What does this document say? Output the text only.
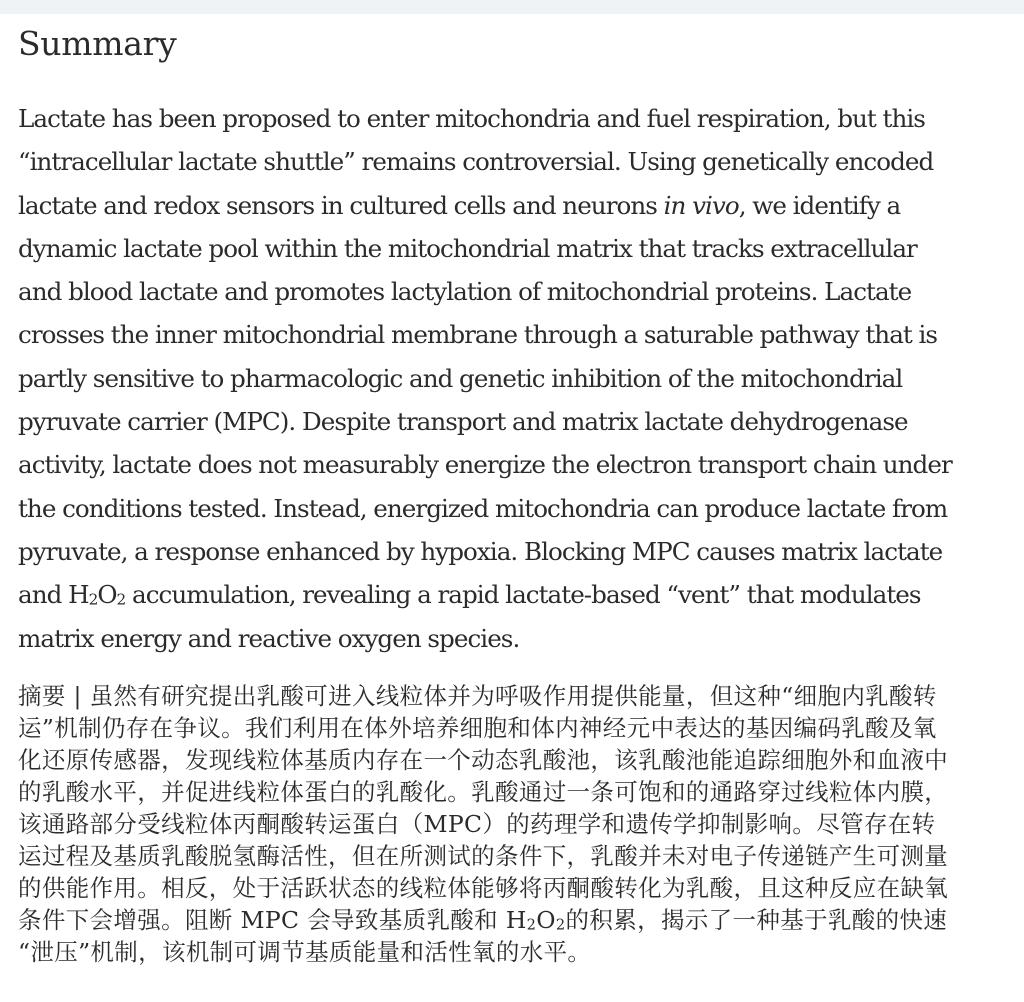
Summary

Lactate has been proposed to enter mitochondria and fuel respiration, but this
“intracellular lactate shuttle” remains controversial. Using genetically encoded
lactate and redox sensors in cultured cells and neurons in vivo, we identify a
dynamic lactate pool within the mitochondrial matrix that tracks extracellular
and blood lactate and promotes lactylation of mitochondrial proteins. Lactate
crosses the inner mitochondrial membrane through a saturable pathway that is
partly sensitive to pharmacologic and genetic inhibition of the mitochondrial
pyruvate carrier (MPC). Despite transport and matrix lactate dehydrogenase
activity, lactate does not measurably energize the electron transport chain under
the conditions tested. Instead, energized mitochondria can produce lactate from
pyruvate, a response enhanced by hypoxia. Blocking MPC causes matrix lactate
and $H_2O_2$ accumulation, revealing a rapid lactate-based “vent” that modulates
matrix energy and reactive oxygen species.

摘要 | 虽然有研究提出乳酸可进入线粒体并为呼吸作用提供能量，但这种“细胞内乳酸转
运”机制仍存在争议。我们利用在体外培养细胞和体内神经元中表达的基因编码乳酸及氧
化还原传感器，发现线粒体基质内存在一个动态乳酸池，该乳酸池能追踪细胞外和血液中
的乳酸水平，并促进线粒体蛋白的乳酸化。乳酸通过一条可饱和的通路穿过线粒体内膜，
该通路部分受线粒体丙酮酸转运蛋白（MPC）的药理学和遗传学抑制影响。尽管存在转
运过程及基质乳酸脱氢酶活性，但在所测试的条件下，乳酸并未对电子传递链产生可测量
的供能作用。相反，处于活跃状态的线粒体能够将丙酮酸转化为乳酸，且这种反应在缺氧
条件下会增强。阻断 MPC 会导致基质乳酸和 $H_2O_2$的积累，揭示了一种基于乳酸的快速
“泄压”机制，该机制可调节基质能量和活性氧的水平。
